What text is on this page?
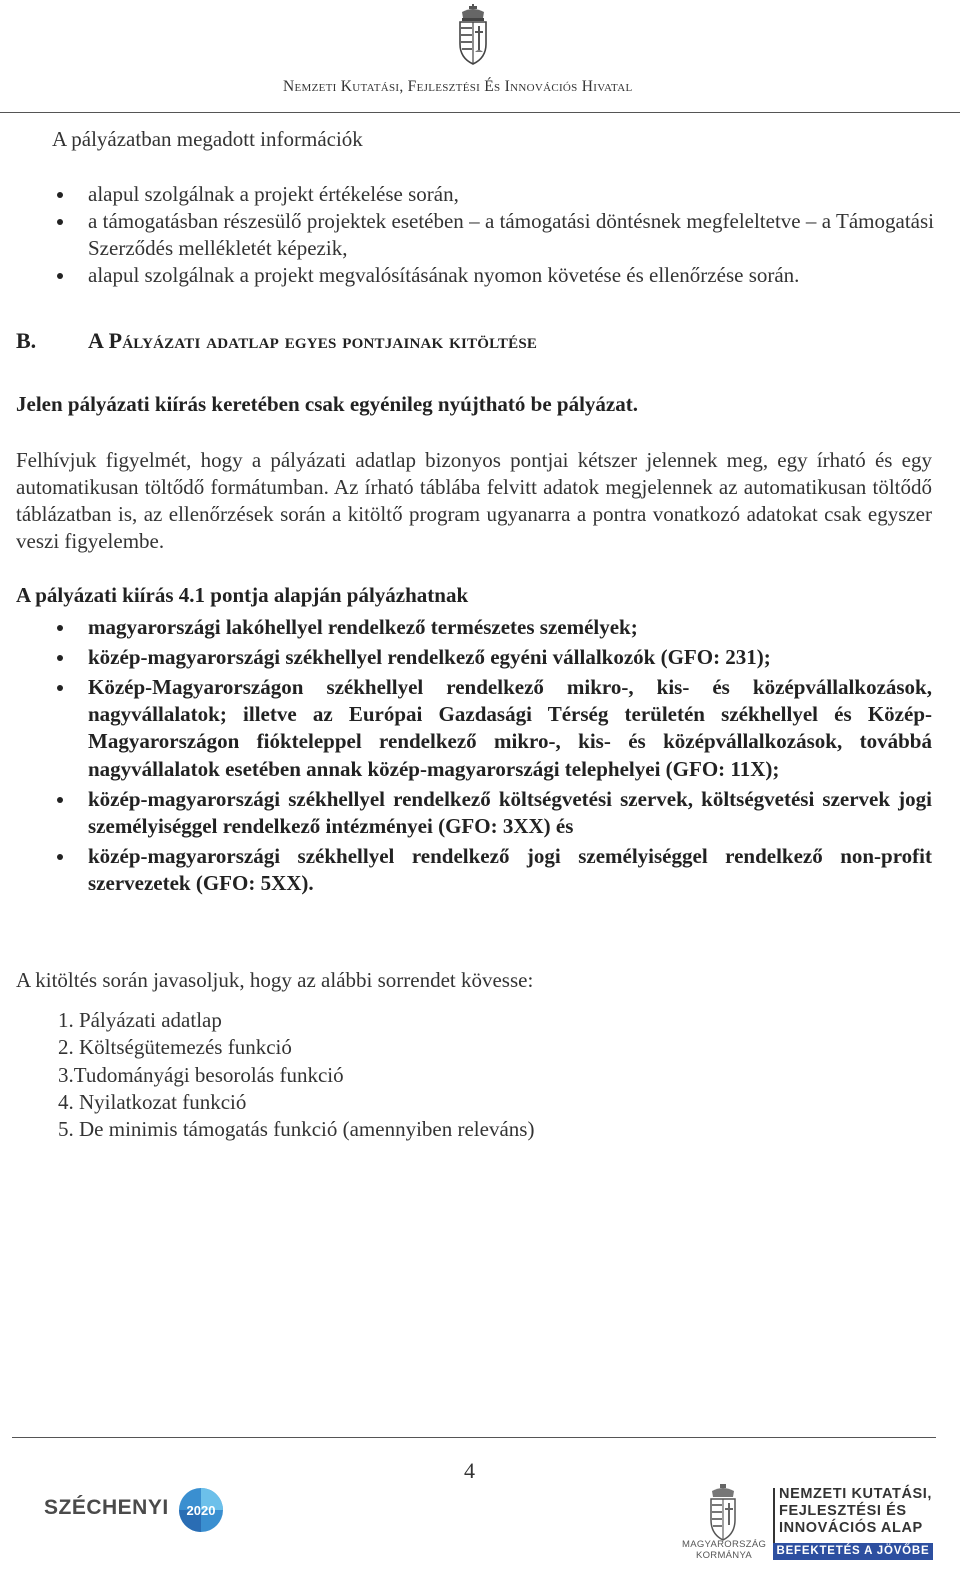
Nemzeti Kutatási, Fejlesztési És Innovációs Hivatal
A pályázatban megadott információk
alapul szolgálnak a projekt értékelése során,
a támogatásban részesülő projektek esetében – a támogatási döntésnek megfeleltetve – a Támogatási Szerződés mellékletét képezik,
alapul szolgálnak a projekt megvalósításának nyomon követése és ellenőrzése során.
B. A Pályázati adatlap egyes pontjainak kitöltése
Jelen pályázati kiírás keretében csak egyénileg nyújtható be pályázat.
Felhívjuk figyelmét, hogy a pályázati adatlap bizonyos pontjai kétszer jelennek meg, egy írható és egy automatikusan töltődő formátumban. Az írható táblába felvitt adatok megjelennek az automatikusan töltődő táblázatban is, az ellenőrzések során a kitöltő program ugyanarra a pontra vonatkozó adatokat csak egyszer veszi figyelembe.
A pályázati kiírás 4.1 pontja alapján pályázhatnak
magyarországi lakóhellyel rendelkező természetes személyek;
közép-magyarországi székhellyel rendelkező egyéni vállalkozók (GFO: 231);
Közép-Magyarországon székhellyel rendelkező mikro-, kis- és középvállalkozások, nagyvállalatok; illetve az Európai Gazdasági Térség területén székhellyel és Közép-Magyarországon fiókteleppel rendelkező mikro-, kis- és középvállalkozások, továbbá nagyvállalatok esetében annak közép-magyarországi telephelyei (GFO: 11X);
közép-magyarországi székhellyel rendelkező költségvetési szervek, költségvetési szervek jogi személyiséggel rendelkező intézményei (GFO: 3XX) és
közép-magyarországi székhellyel rendelkező jogi személyiséggel rendelkező non-profit szervezetek (GFO: 5XX).
A kitöltés során javasoljuk, hogy az alábbi sorrendet kövesse:
1. Pályázati adatlap
2. Költségütemezés funkció
3.Tudományági besorolás funkció
4. Nyilatkozat funkció
5. De minimis támogatás funkció (amennyiben releváns)
4
SZÉCHENYI 2020
MAGYARORSZÁG
KORMÁNYA
NEMZETI KUTATÁSI,
FEJLESZTÉSI ÉS
INNOVÁCIÓS ALAP
BEFEKTETÉS A JÖVŐBE
